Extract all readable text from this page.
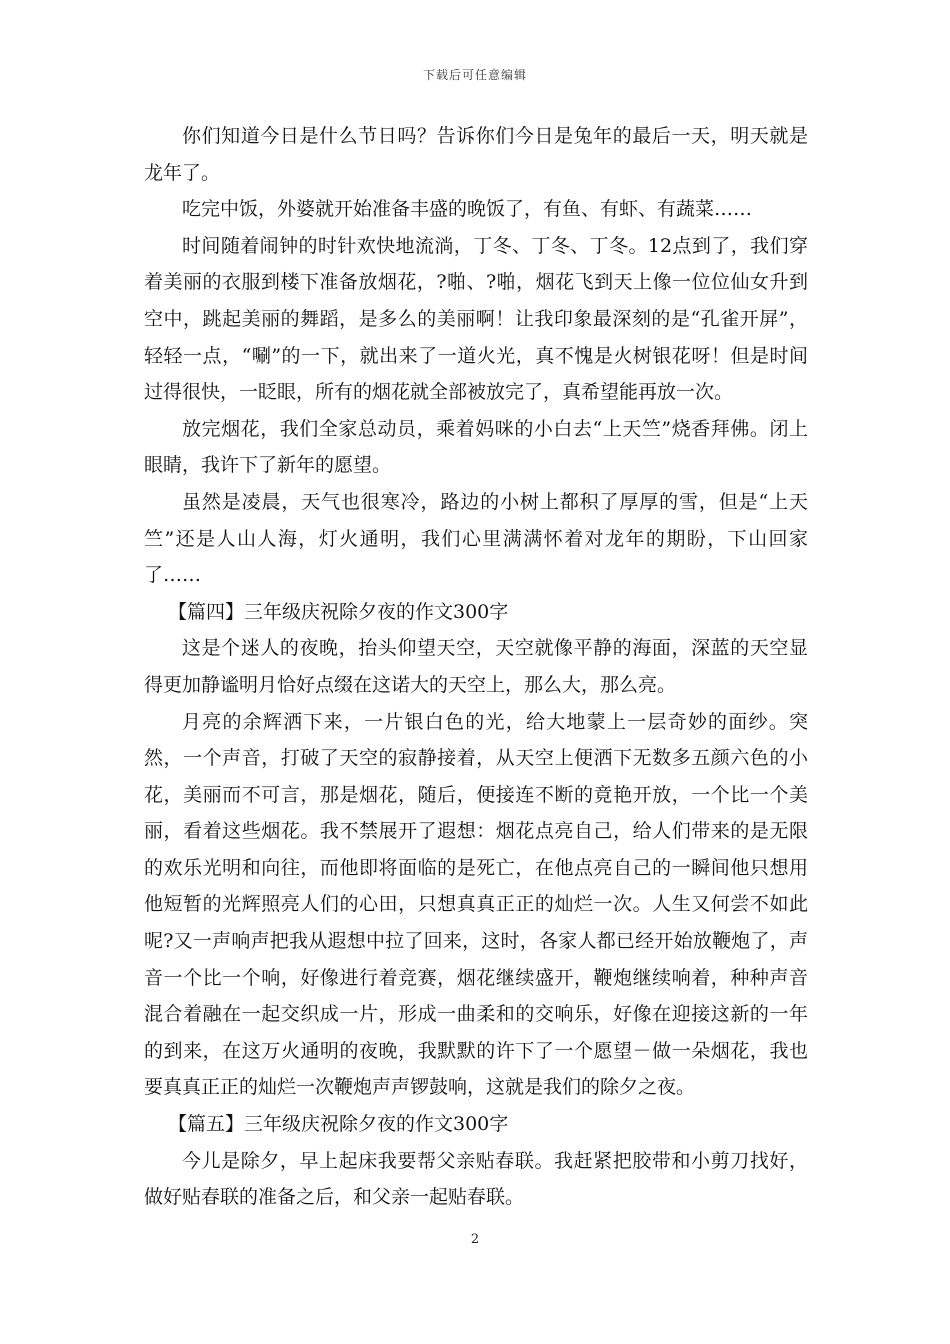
下载后可任意编辑

你们知道今日是什么节日吗？告诉你们今日是兔年的最后一天，明天就是龙年了。

吃完中饭，外婆就开始准备丰盛的晚饭了，有鱼、有虾、有蔬菜……

时间随着闹钟的时针欢快地流淌，丁冬、丁冬、丁冬。12点到了，我们穿着美丽的衣服到楼下准备放烟花，?啪、?啪，烟花飞到天上像一位位仙女升到空中，跳起美丽的舞蹈，是多么的美丽啊！让我印象最深刻的是“孔雀开屏”，轻轻一点，“唰”的一下，就出来了一道火光，真不愧是火树银花呀！但是时间过得很快，一眨眼，所有的烟花就全部被放完了，真希望能再放一次。

放完烟花，我们全家总动员，乘着妈咪的小白去“上天竺”烧香拜佛。闭上眼睛，我许下了新年的愿望。

虽然是凌晨，天气也很寒冷，路边的小树上都积了厚厚的雪，但是“上天竺”还是人山人海，灯火通明，我们心里满满怀着对龙年的期盼，下山回家了……

【篇四】三年级庆祝除夕夜的作文300字

这是个迷人的夜晚，抬头仰望天空，天空就像平静的海面，深蓝的天空显得更加静谧明月恰好点缀在这诺大的天空上，那么大，那么亮。

月亮的余辉洒下来，一片银白色的光，给大地蒙上一层奇妙的面纱。突然，一个声音，打破了天空的寂静接着，从天空上便洒下无数多五颜六色的小花，美丽而不可言，那是烟花，随后，便接连不断的竟艳开放，一个比一个美丽，看着这些烟花。我不禁展开了遐想：烟花点亮自己，给人们带来的是无限的欢乐光明和向往，而他即将面临的是死亡，在他点亮自己的一瞬间他只想用他短暂的光辉照亮人们的心田，只想真真正正的灿烂一次。人生又何尝不如此呢?又一声响声把我从遐想中拉了回来，这时，各家人都已经开始放鞭炮了，声音一个比一个响，好像进行着竞赛，烟花继续盛开，鞭炮继续响着，种种声音混合着融在一起交织成一片，形成一曲柔和的交响乐，好像在迎接这新的一年的到来，在这万火通明的夜晚，我默默的许下了一个愿望－做一朵烟花，我也要真真正正的灿烂一次鞭炮声声锣鼓响，这就是我们的除夕之夜。

【篇五】三年级庆祝除夕夜的作文300字

今儿是除夕，早上起床我要帮父亲贴春联。我赶紧把胶带和小剪刀找好，做好贴春联的准备之后，和父亲一起贴春联。

2
